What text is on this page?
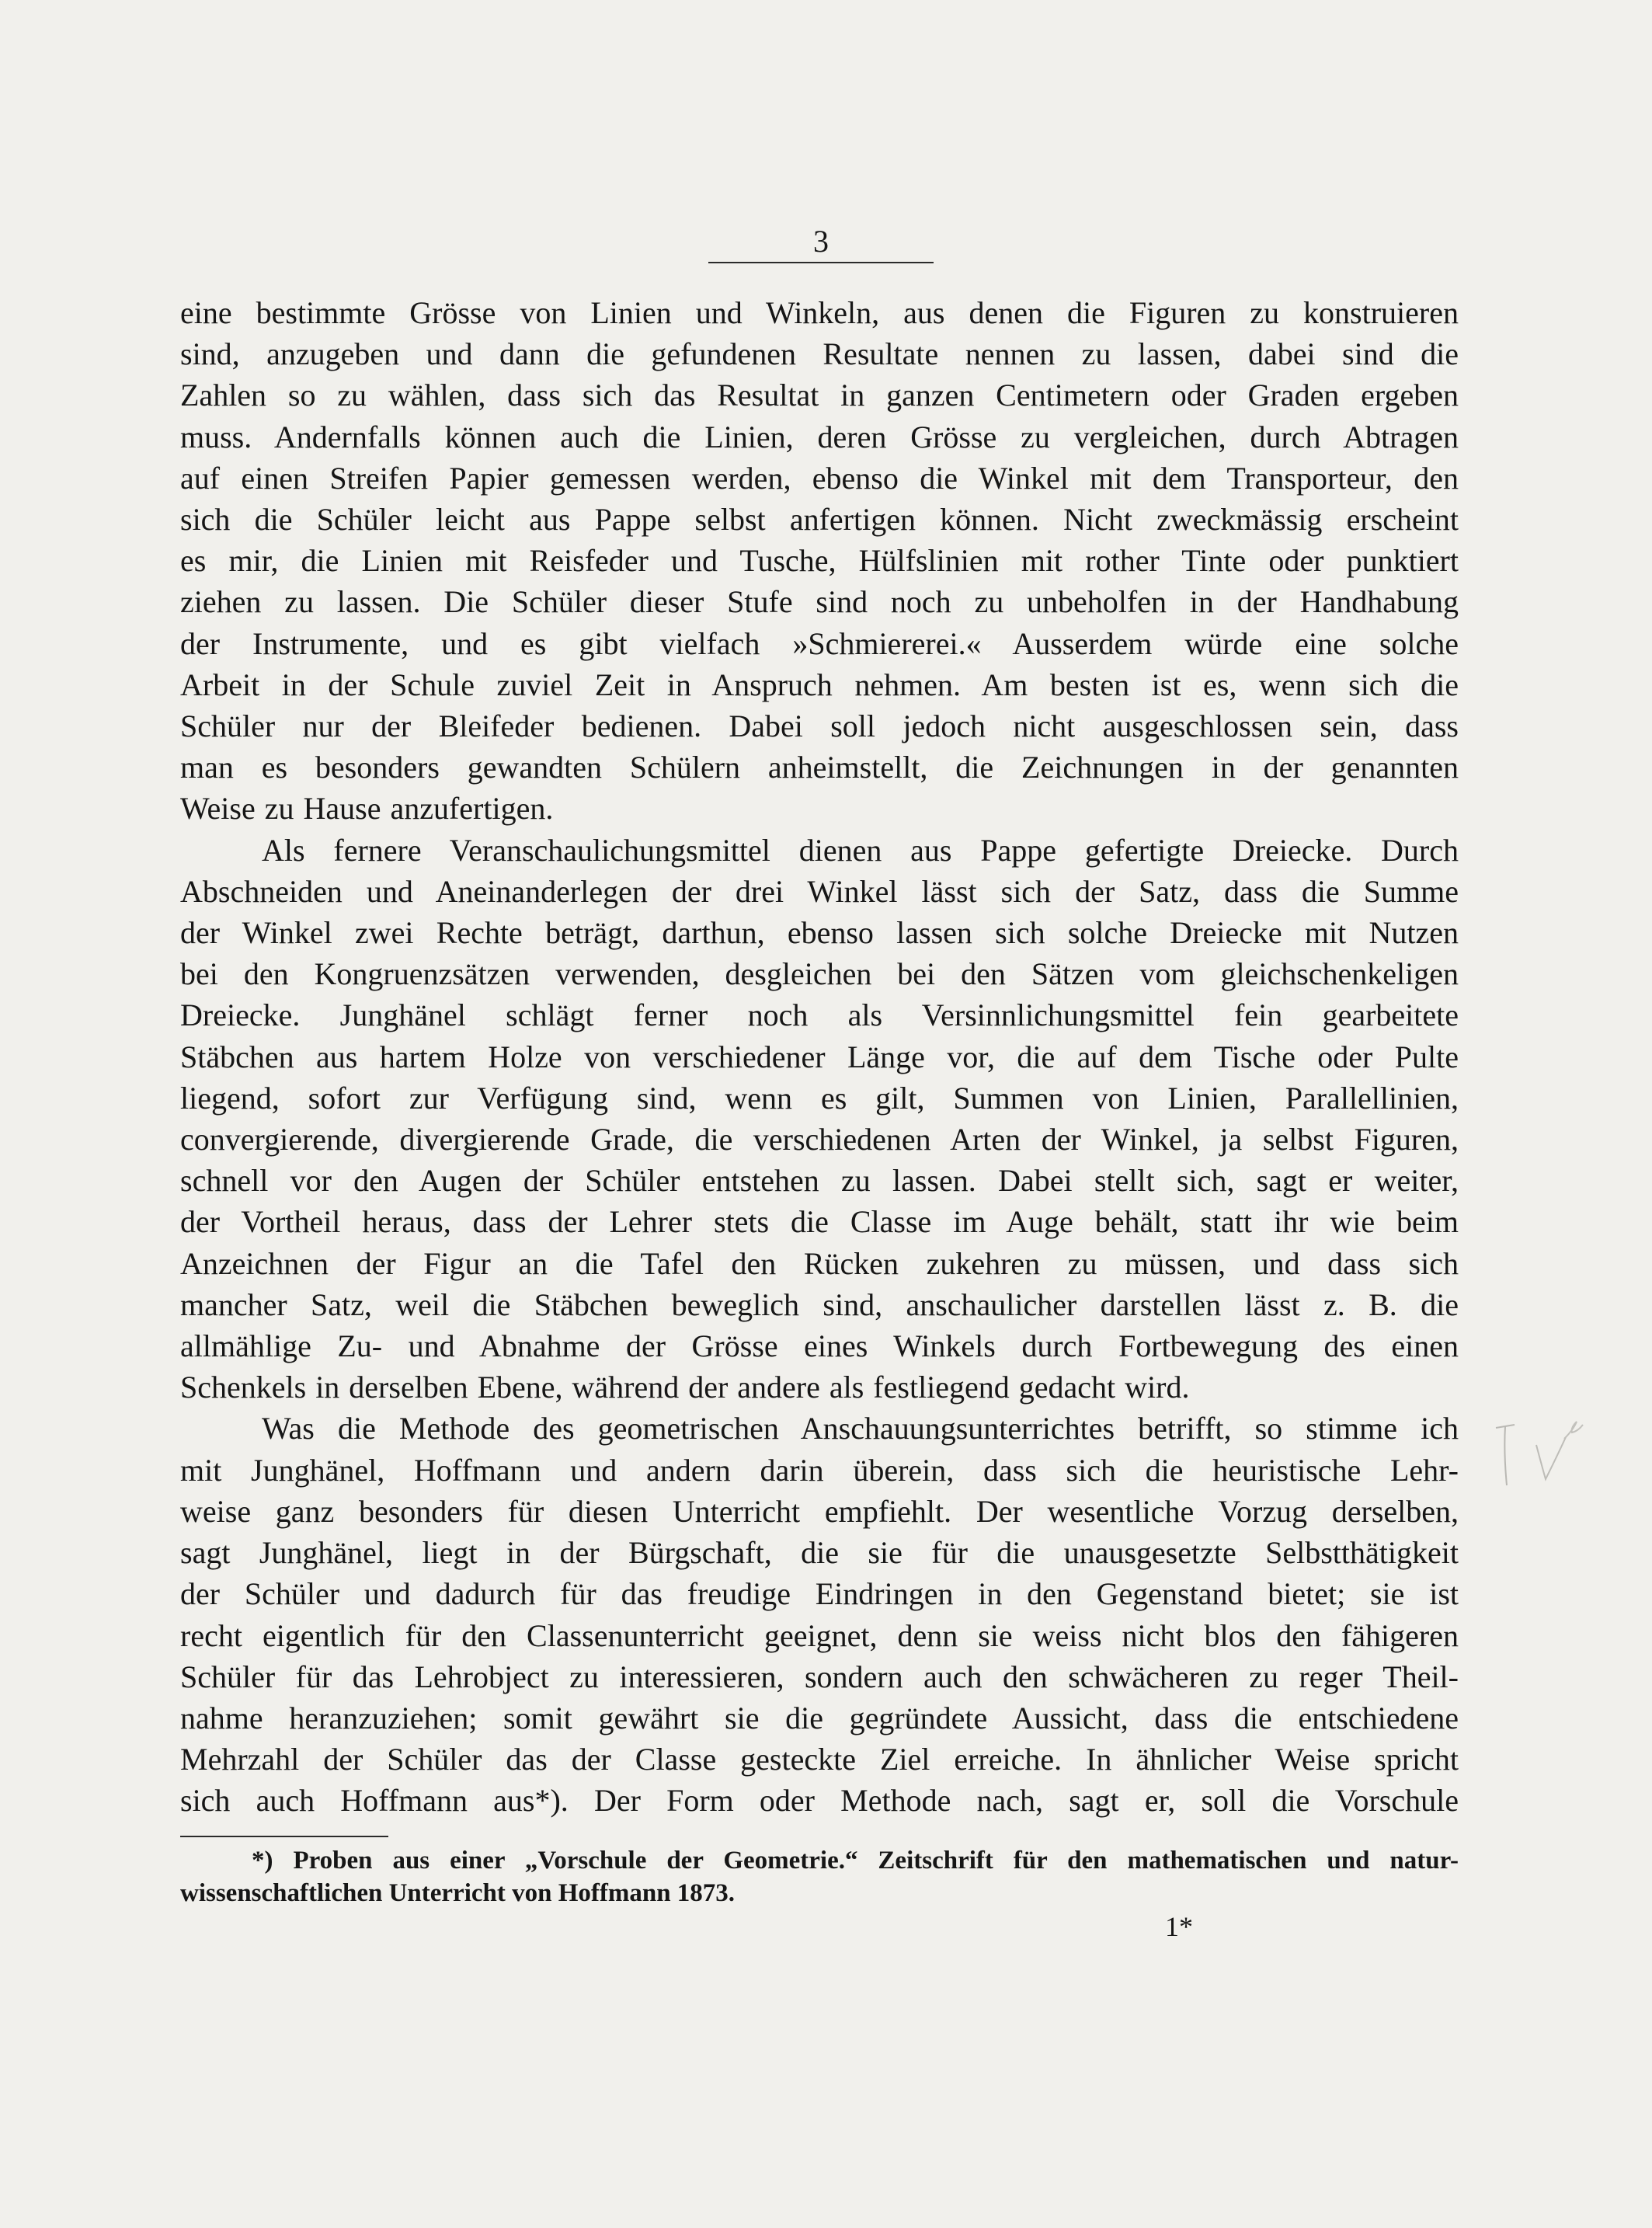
3

eine bestimmte Grösse von Linien und Winkeln, aus denen die Figuren zu konstruieren
sind, anzugeben und dann die gefundenen Resultate nennen zu lassen, dabei sind die
Zahlen so zu wählen, dass sich das Resultat in ganzen Centimetern oder Graden ergeben
muss. Andernfalls können auch die Linien, deren Grösse zu vergleichen, durch Abtragen
auf einen Streifen Papier gemessen werden, ebenso die Winkel mit dem Transporteur, den
sich die Schüler leicht aus Pappe selbst anfertigen können. Nicht zweckmässig erscheint
es mir, die Linien mit Reisfeder und Tusche, Hülfslinien mit rother Tinte oder punktiert
ziehen zu lassen. Die Schüler dieser Stufe sind noch zu unbeholfen in der Handhabung
der Instrumente, und es gibt vielfach »Schmiererei.« Ausserdem würde eine solche
Arbeit in der Schule zuviel Zeit in Anspruch nehmen. Am besten ist es, wenn sich die
Schüler nur der Bleifeder bedienen. Dabei soll jedoch nicht ausgeschlossen sein, dass
man es besonders gewandten Schülern anheimstellt, die Zeichnungen in der genannten
Weise zu Hause anzufertigen.

Als fernere Veranschaulichungsmittel dienen aus Pappe gefertigte Dreiecke. Durch
Abschneiden und Aneinanderlegen der drei Winkel lässt sich der Satz, dass die Summe
der Winkel zwei Rechte beträgt, darthun, ebenso lassen sich solche Dreiecke mit Nutzen
bei den Kongruenzsätzen verwenden, desgleichen bei den Sätzen vom gleichschenkeligen
Dreiecke. Junghänel schlägt ferner noch als Versinnlichungsmittel fein gearbeitete
Stäbchen aus hartem Holze von verschiedener Länge vor, die auf dem Tische oder Pulte
liegend, sofort zur Verfügung sind, wenn es gilt, Summen von Linien, Parallellinien,
convergierende, divergierende Grade, die verschiedenen Arten der Winkel, ja selbst Figuren,
schnell vor den Augen der Schüler entstehen zu lassen. Dabei stellt sich, sagt er weiter,
der Vortheil heraus, dass der Lehrer stets die Classe im Auge behält, statt ihr wie beim
Anzeichnen der Figur an die Tafel den Rücken zukehren zu müssen, und dass sich
mancher Satz, weil die Stäbchen beweglich sind, anschaulicher darstellen lässt z. B. die
allmählige Zu- und Abnahme der Grösse eines Winkels durch Fortbewegung des einen
Schenkels in derselben Ebene, während der andere als festliegend gedacht wird.

Was die Methode des geometrischen Anschauungsunterrichtes betrifft, so stimme ich
mit Junghänel, Hoffmann und andern darin überein, dass sich die heuristische Lehr-
weise ganz besonders für diesen Unterricht empfiehlt. Der wesentliche Vorzug derselben,
sagt Junghänel, liegt in der Bürgschaft, die sie für die unausgesetzte Selbstthätigkeit
der Schüler und dadurch für das freudige Eindringen in den Gegenstand bietet; sie ist
recht eigentlich für den Classenunterricht geeignet, denn sie weiss nicht blos den fähigeren
Schüler für das Lehrobject zu interessieren, sondern auch den schwächeren zu reger Theil-
nahme heranzuziehen; somit gewährt sie die gegründete Aussicht, dass die entschiedene
Mehrzahl der Schüler das der Classe gesteckte Ziel erreiche. In ähnlicher Weise spricht
sich auch Hoffmann aus*). Der Form oder Methode nach, sagt er, soll die Vorschule

*) Proben aus einer „Vorschule der Geometrie.“ Zeitschrift für den mathematischen und natur-
wissenschaftlichen Unterricht von Hoffmann 1873.
1*
